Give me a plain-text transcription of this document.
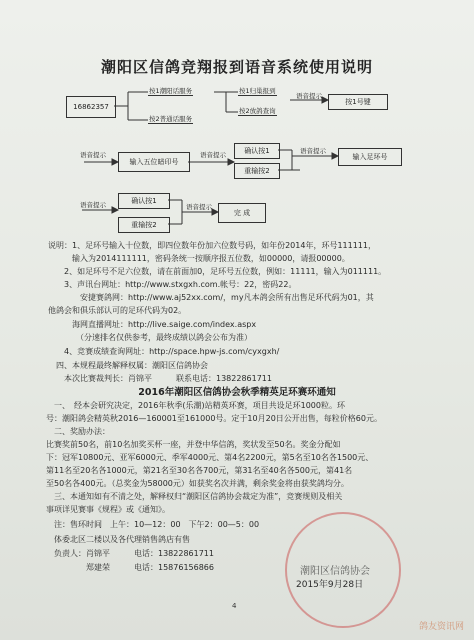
潮阳区信鸽竞翔报到语音系统使用说明
16862357
按1潮阳话服务
按2普通话服务
按1归巢报到
按2放鸽查询
语音提示
按1号键
语音提示
输入五位暗印号
语音提示	确认按1
重输按2
语音提示
输入足环号
语音提示	确认按1
重输按2
语音提示
完 成
说明：1、足环号输入十位数，即四位数年份加六位数号码，如年份2014年，环号111111，
　　　输入为2014111111，密码条统一按顺序报五位数，如00000，请报00000。
　　2、如足环号不足六位数，请在前面加0，足环号五位数，例如：11111，输入为011111。
　　3、声讯台网址：http://www.stxgxh.com.帐号：22，密码22。
　　　　安捷赛鸽网：http://www.aj52xx.com/，my凡本鸽会所有出售足环代码为01，其
他鸽会和俱乐部认可的足环代码为02。
　　　海网直播网址：http://live.saige.com/index.aspx
　　　　（分速排名仅供参考，最终成绩以鸽会公布为准）
　　4、竞赛成绩查询网址：http://space.hpw-js.com/cyxgxh/
　四、本规程最终解释权属：潮阳区信鸽协会
　　本次比赛裁判长：肖锦平　　　联系电话：13822861711
2016年潮阳区信鸽协会秋季精英足环赛环通知
　一、　经本会研究决定，2016年秋季(乐潮)站精英环赛，项目共设足环1000粒。环
号：潮阳鸽会精英秋2016—160001至161000号。定于10月20日公开出售，每粒价格60元。
　二、奖励办法：
比赛奖前50名，前10名加奖买杯一座，并登中华信鸽，奖状发至50名。奖金分配如
下：冠军10800元、亚军6000元、季军4000元、第4名2200元，第5名至10名各1500元、
第11名至20名各1000元，第21名至30名各700元，第31名至40名各500元，第41名
至50名各400元。（总奖金为58000元）如获奖名次并满，剩余奖金将由获奖鸽均分。
　三、本通知如有不清之处，解释权归“潮阳区信鸽协会裁定为准”，竞赛规则及相关
事项详见赛事《规程》或《通知》。
　注：售环时间　上午：10—12：00　下午2：00—5：00
　体委北区二楼以及各代理销售鸽店有售
　负责人：肖锦平　　　电话：13822861711
　　　　　郑建荣　　　电话：15876156866	潮阳区信鸽协会
2015年9月28日
4
鸽友资讯网
